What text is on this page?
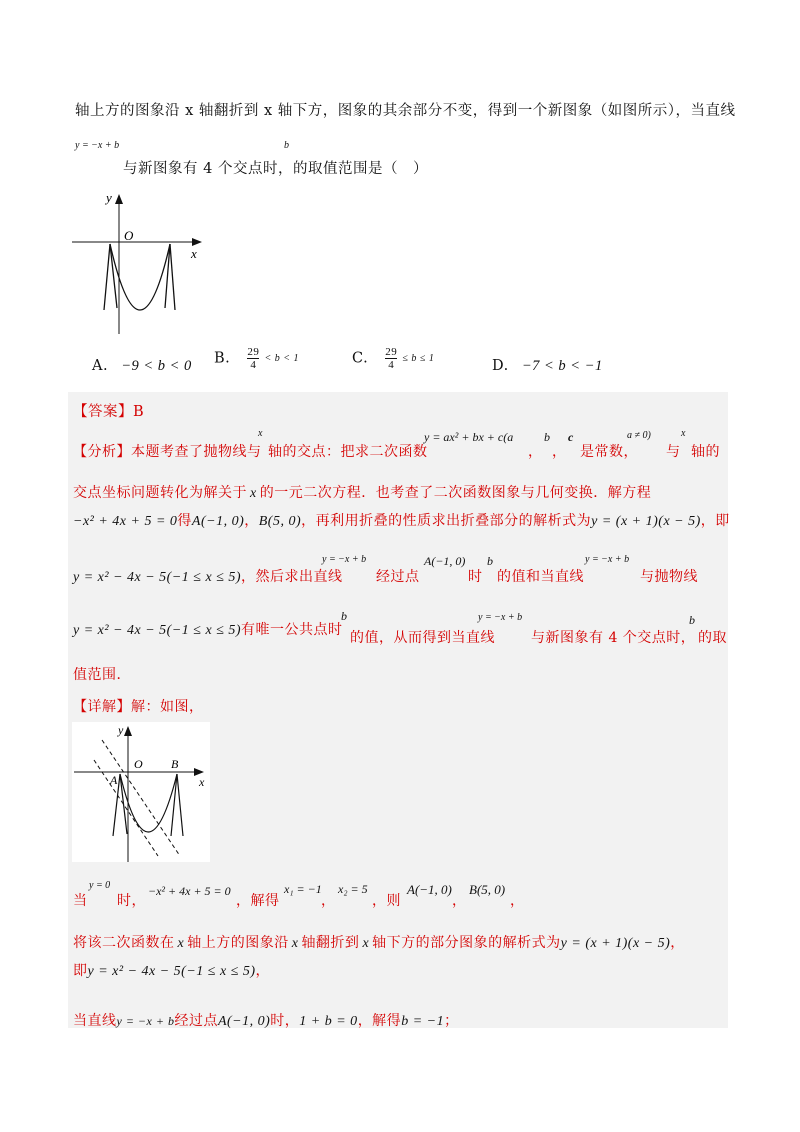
轴上方的图象沿 x 轴翻折到 x 轴下方，图象的其余部分不变，得到一个新图象（如图所示），当直线
y = −x + b
与新图象有 4 个交点时，
b
的取值范围是（　）
y
O
x
A. −9 < b < 0 B. $\frac{29}{4} < b < 1$	C. $\frac{29}{4} \le b \le 1$	D. −7 < b < −1
【答案】B
【分析】本题考查了抛物线与
x
轴的交点：把求二次函数
y = ax² + bx + c(a
，
b
，
c
是常数，
a ≠ 0)
与
x
轴的
交点坐标问题转化为解关于 x 的一元二次方程．也考查了二次函数图象与几何变换．解方程
−x² + 4x + 5 = 0得A(−1, 0)，B(5, 0)，再利用折叠的性质求出折叠部分的解析式为y = (x + 1)(x − 5)，即
y = x² − 4x − 5(−1 ≤ x ≤ 5)，然后求出直线
y = −x + b
经过点
A(−1, 0)
时
b
的值和当直线
y = −x + b
与抛物线
y = x² − 4x − 5(−1 ≤ x ≤ 5)有唯一公共点时
b
的值，从而得到当直线
y = −x + b
与新图象有 4 个交点时，
b
的取
值范围．
【详解】解：如图，
y
O
x
A
B
当
y = 0
时，
−x² + 4x + 5 = 0
，解得
x₁ = −1
，
x₂ = 5
，则
A(−1, 0)
，
B(5, 0)
，
将该二次函数在 x 轴上方的图象沿 x 轴翻折到 x 轴下方的部分图象的解析式为y = (x + 1)(x − 5)，
即y = x² − 4x − 5(−1 ≤ x ≤ 5)，
当直线y = −x + b经过点A(−1, 0)时，1 + b = 0，解得b = −1；
